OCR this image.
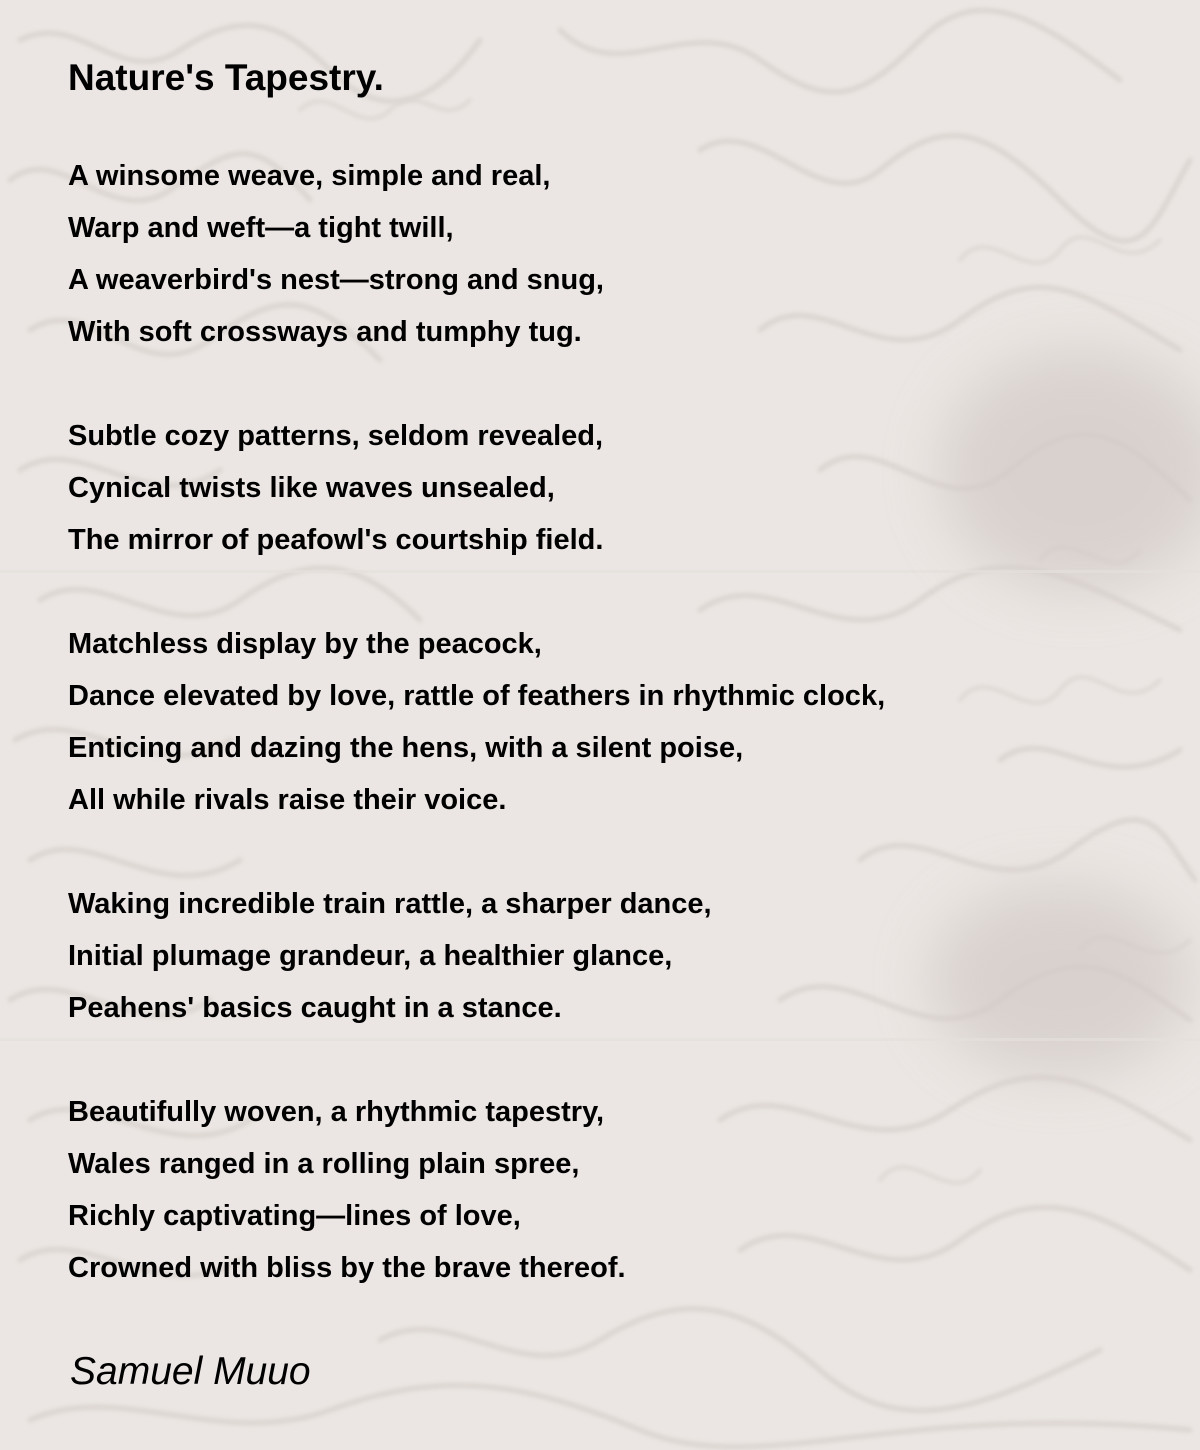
Nature's Tapestry.
A winsome weave, simple and real,
Warp and weft—a tight twill,
A weaverbird's nest—strong and snug,
With soft crossways and tumphy tug.
Subtle cozy patterns, seldom revealed,
Cynical twists like waves unsealed,
The mirror of peafowl's courtship field.
Matchless display by the peacock,
Dance elevated by love, rattle of feathers in rhythmic clock,
Enticing and dazing the hens, with a silent poise,
All while rivals raise their voice.
Waking incredible train rattle, a sharper dance,
Initial plumage grandeur, a healthier glance,
Peahens' basics caught in a stance.
Beautifully woven, a rhythmic tapestry,
Wales ranged in a rolling plain spree,
Richly captivating—lines of love,
Crowned with bliss by the brave thereof.
Samuel Muuo
